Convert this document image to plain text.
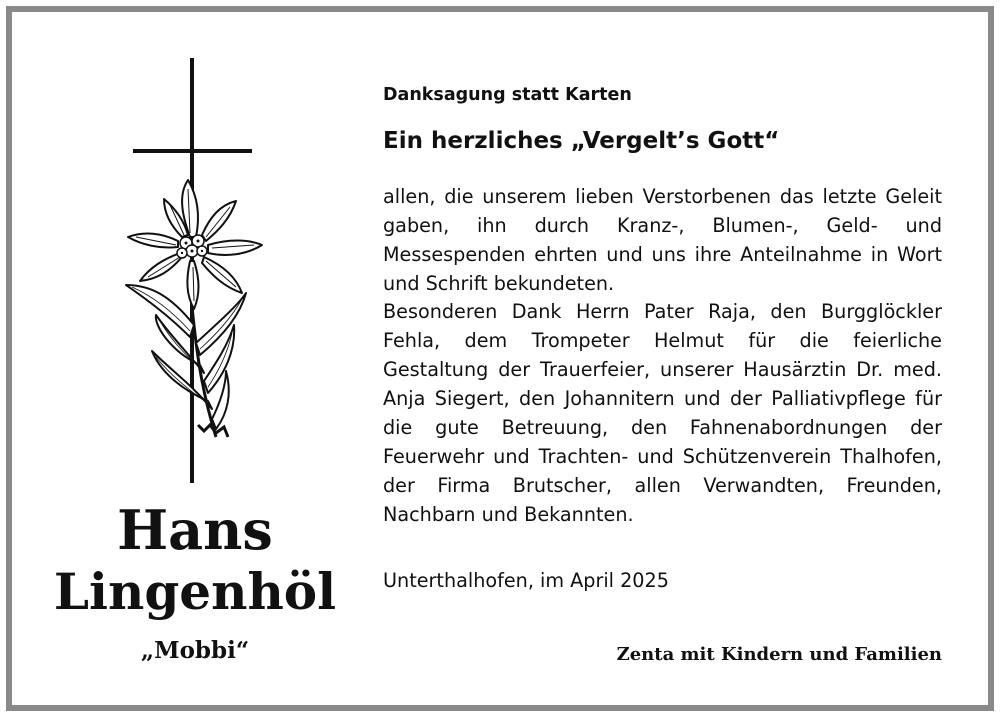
Hans
Lingenhöl
„Mobbi“
Danksagung statt Karten
Ein herzliches „Vergelt’s Gott“

allen, die unserem lieben Verstorbenen das letzte Geleit gaben, ihn durch Kranz-, Blumen-, Geld- und Messespenden ehrten und uns ihre Anteilnahme in Wort und Schrift bekundeten.

Besonderen Dank Herrn Pater Raja, den Burgglöckler Fehla, dem Trompeter Helmut für die feierliche Gestaltung der Trauerfeier, unserer Hausärztin Dr. med. Anja Siegert, den Johannitern und der Palliativpflege für die gute Betreuung, den Fahnenabordnungen der Feuerwehr und Trachten- und Schützenverein Thalhofen, der Firma Brutscher, allen Verwandten, Freunden, Nachbarn und Bekannten.

Unterthalhofen, im April 2025
Zenta mit Kindern und Familien
